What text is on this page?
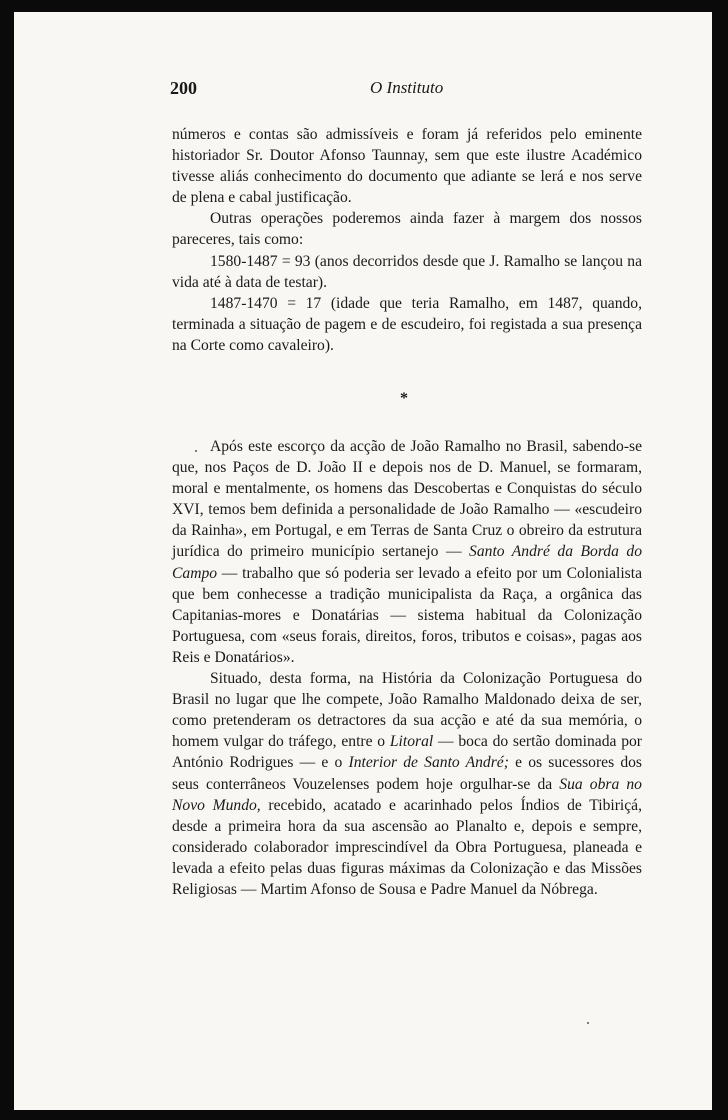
200	O Instituto

números e contas são admissíveis e foram já referidos pelo eminente historiador Sr. Doutor Afonso Taunnay, sem que este ilustre Académico tivesse aliás conhecimento do documento que adiante se lerá e nos serve de plena e cabal justificação.

Outras operações poderemos ainda fazer à margem dos nossos pareceres, tais como:

1580-1487 = 93 (anos decorridos desde que J. Ramalho se lançou na vida até à data de testar).

1487-1470 = 17 (idade que teria Ramalho, em 1487, quando, terminada a situação de pagem e de escudeiro, foi registada a sua presença na Corte como cavaleiro).

*

Após este escorço da acção de João Ramalho no Brasil, sabendo-se que, nos Paços de D. João II e depois nos de D. Manuel, se formaram, moral e mentalmente, os homens das Descobertas e Conquistas do século XVI, temos bem definida a personalidade de João Ramalho — «escudeiro da Rainha», em Portugal, e em Terras de Santa Cruz o obreiro da estrutura jurídica do primeiro município sertanejo — Santo André da Borda do Campo — trabalho que só poderia ser levado a efeito por um Colonialista que bem conhecesse a tradição municipalista da Raça, a orgânica das Capitanias-mores e Donatárias — sistema habitual da Colonização Portuguesa, com «seus forais, direitos, foros, tributos e coisas», pagas aos Reis e Donatários».

Situado, desta forma, na História da Colonização Portuguesa do Brasil no lugar que lhe compete, João Ramalho Maldonado deixa de ser, como pretenderam os detractores da sua acção e até da sua memória, o homem vulgar do tráfego, entre o Litoral — boca do sertão dominada por António Rodrigues — e o Interior de Santo André; e os sucessores dos seus conterrâneos Vouzelenses podem hoje orgulhar-se da Sua obra no Novo Mundo, recebido, acatado e acarinhado pelos Índios de Tibiriçá, desde a primeira hora da sua ascensão ao Planalto e, depois e sempre, considerado colaborador imprescindível da Obra Portuguesa, planeada e levada a efeito pelas duas figuras máximas da Colonização e das Missões Religiosas — Martim Afonso de Sousa e Padre Manuel da Nóbrega.
